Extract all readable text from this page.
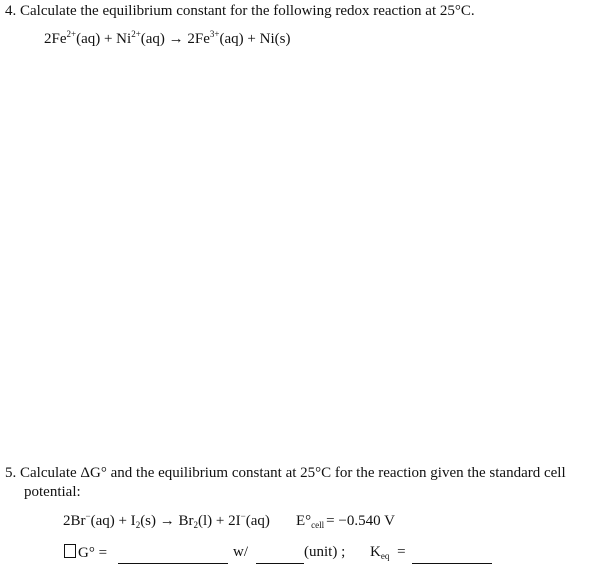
4. Calculate the equilibrium constant for the following redox reaction at 25°C.
$2Fe^{2+}(aq) + Ni^{2+}(aq) \to 2Fe^{3+}(aq) + Ni(s)$
5. Calculate ΔG° and the equilibrium constant at 25°C for the reaction given the standard cell
potential:
$2Br^-(aq) + I_2(s) \to Br_2(l) + 2I^-(aq) E^\circ_{cell} = -0.540$ V
G° =	w/	(unit) ; $K_{eq}$ =
